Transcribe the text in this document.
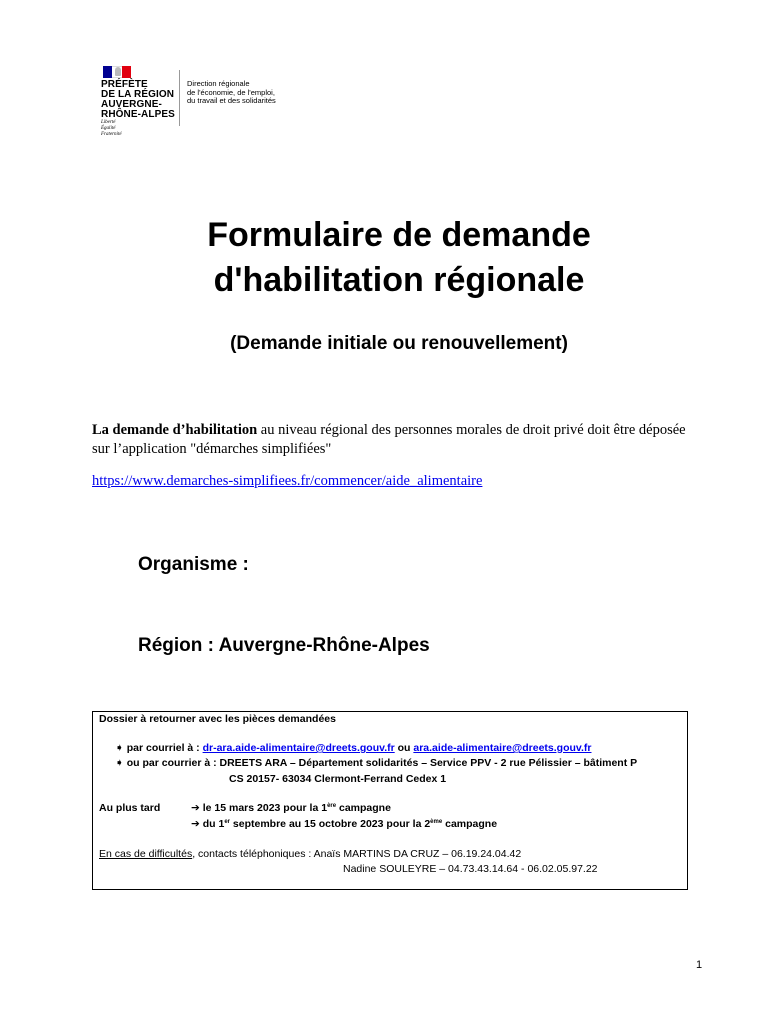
PRÉFÈTE
DE LA RÉGION
AUVERGNE-
RHÔNE-ALPES
Liberté
Égalité
Fraternité
Direction régionale
de l'économie, de l'emploi,
du travail et des solidarités
Formulaire de demande
d'habilitation régionale
(Demande initiale ou renouvellement)
La demande d’habilitation au niveau régional des personnes morales de droit privé doit être déposée sur l’application "démarches simplifiées"
https://www.demarches-simplifiees.fr/commencer/aide_alimentaire
Organisme :
Région : Auvergne-Rhône-Alpes
Dossier à retourner avec les pièces demandées
➧ par courriel à : dr-ara.aide-alimentaire@dreets.gouv.fr ou ara.aide-alimentaire@dreets.gouv.fr
➧ ou par courrier à : DREETS ARA – Département solidarités – Service PPV - 2 rue Pélissier – bâtiment P
CS 20157- 63034 Clermont-Ferrand Cedex 1
Au plus tard	➔ le 15 mars 2023 pour la 1ère campagne
➔ du 1er septembre au 15 octobre 2023 pour la 2ème campagne
En cas de difficultés, contacts téléphoniques : Anaïs MARTINS DA CRUZ – 06.19.24.04.42
Nadine SOULEYRE – 04.73.43.14.64 - 06.02.05.97.22
1
